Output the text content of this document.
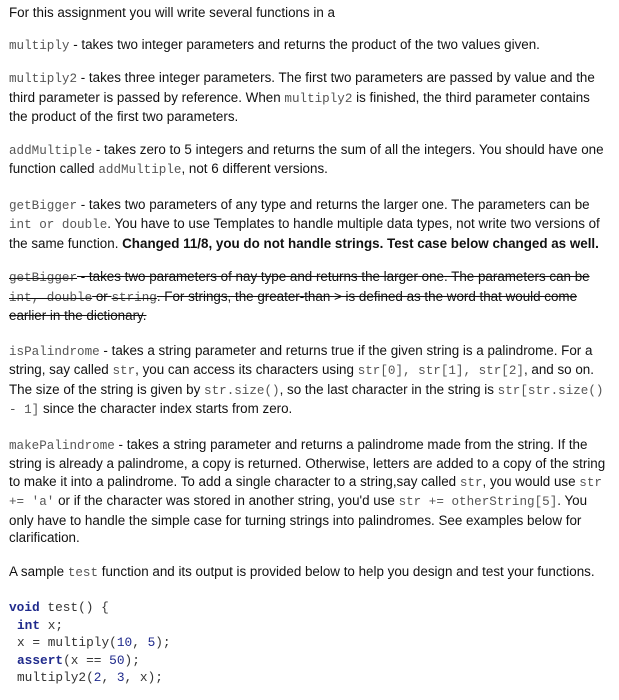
For this assignment you will write several functions in a

multiply - takes two integer parameters and returns the product of the two values given.

multiply2 - takes three integer parameters. The first two parameters are passed by value and the third parameter is passed by reference. When multiply2 is finished, the third parameter contains the product of the first two parameters.

addMultiple - takes zero to 5 integers and returns the sum of all the integers. You should have one function called addMultiple, not 6 different versions.

getBigger - takes two parameters of any type and returns the larger one. The parameters can be int or double. You have to use Templates to handle multiple data types, not write two versions of the same function. Changed 11/8, you do not handle strings. Test case below changed as well.

getBigger - takes two parameters of nay type and returns the larger one. The parameters can be int, double or string. For strings, the greater-than > is defined as the word that would come earlier in the dictionary.

isPalindrome - takes a string parameter and returns true if the given string is a palindrome. For a string, say called str, you can access its characters using str[0], str[1], str[2], and so on. The size of the string is given by str.size(), so the last character in the string is str[str.size() - 1] since the character index starts from zero.

makePalindrome - takes a string parameter and returns a palindrome made from the string. If the string is already a palindrome, a copy is returned. Otherwise, letters are added to a copy of the string to make it into a palindrome. To add a single character to a string,say called str, you would use str += 'a' or if the character was stored in another string, you'd use str += otherString[5]. You only have to handle the simple case for turning strings into palindromes. See examples below for clarification.

A sample test function and its output is provided below to help you design and test your functions.

void test() {
int x;
x = multiply(10, 5);
assert(x == 50);
multiply2(2, 3, x);
